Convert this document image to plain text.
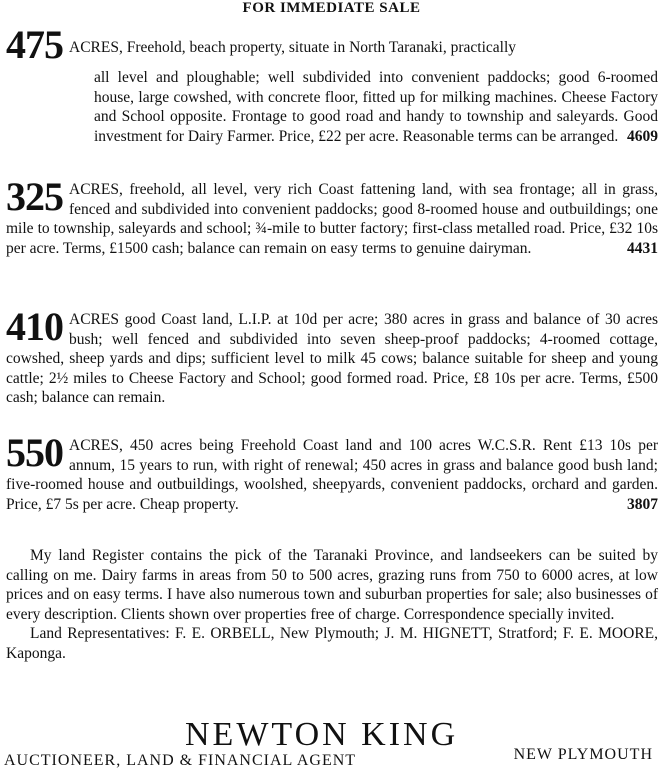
FOR IMMEDIATE SALE
475 ACRES, Freehold, beach property, situate in North Taranaki, practically
all level and ploughable; well subdivided into convenient paddocks; good 6-roomed house, large cowshed, with concrete floor, fitted up for milking machines. Cheese Factory and School opposite. Frontage to good road and handy to township and saleyards. Good investment for Dairy Farmer. Price, £22 per acre. Reasonable terms can be arranged. 4609
325 ACRES, freehold, all level, very rich Coast fattening land, with sea frontage; all in grass, fenced and subdivided into convenient paddocks; good 8-roomed house and outbuildings; one mile to township, saleyards and school; ¾-mile to butter factory; first-class metalled road. Price, £32 10s per acre. Terms, £1500 cash; balance can remain on easy terms to genuine dairyman.	4431
410 ACRES good Coast land, L.I.P. at 10d per acre; 380 acres in grass and balance of 30 acres bush; well fenced and subdivided into seven sheep-proof paddocks; 4-roomed cottage, cowshed, sheep yards and dips; sufficient level to milk 45 cows; balance suitable for sheep and young cattle; 2½ miles to Cheese Factory and School; good formed road. Price, £8 10s per acre. Terms, £500 cash; balance can remain.
550 ACRES, 450 acres being Freehold Coast land and 100 acres W.C.S.R. Rent £13 10s per annum, 15 years to run, with right of renewal; 450 acres in grass and balance good bush land; five-roomed house and outbuildings, woolshed, sheepyards, convenient paddocks, orchard and garden. Price, £7 5s per acre. Cheap property.	3807

My land Register contains the pick of the Taranaki Province, and landseekers can be suited by calling on me. Dairy farms in areas from 50 to 500 acres, grazing runs from 750 to 6000 acres, at low prices and on easy terms. I have also numerous town and suburban properties for sale; also businesses of every description. Clients shown over properties free of charge. Correspondence specially invited.

Land Representatives: F. E. ORBELL, New Plymouth; J. M. HIGNETT, Stratford; F. E. MOORE, Kaponga.

NEWTON KING
AUCTIONEER, LAND & FINANCIAL AGENT	NEW PLYMOUTH
